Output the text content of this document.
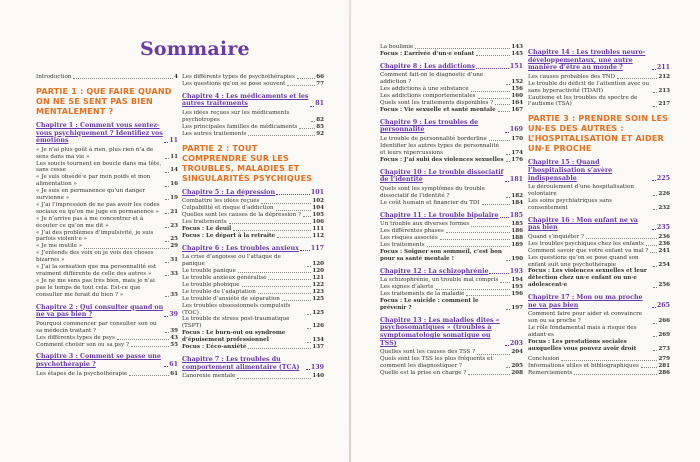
Sommaire
Introduction	4
PARTIE 1 : QUE FAIRE QUAND ON NE SE SENT PAS BIEN MENTALEMENT ?
Chapitre 1 : Comment vous sentez-vous psychiquement ? Identifiez vos émotions	11
« Je n’ai plus goût à rien, plus rien n’a de sens dans ma vie »	11
Les soucis tournent en boucle dans ma tête, sans cesse	14
« Je suis obsédé·e par mon poids et mon alimentation »	16
« Je suis en permanence qu’un danger survienne »	19
« J’ai l’impression de ne pas avoir les codes sociaux ou qu’on me juge en permanence »	21
« Je n’arrive pas à me concentrer et à écouter ce qu’on me dit »	23
« J’ai des problèmes d’impulsivité, je suis parfois violent·e »	25
« Je me mutile »	29
« J’entends des voix ou je vois des choses bizarres »	31
« J’ai la sensation que ma personnalité est vraiment différente de celle des autres »	33
« Je ne me sens pas très bien, mais je n’ai pas le temps de tout cela. Est-ce que consulter me ferait du bien ? »	35
Chapitre 2 : Qui consulter quand on ne va pas bien ?	39
Pourquoi commencer par consulter son ou sa médecin traitant ?	39
Les différents types de psys	43
Comment choisir son ou sa psy ?	55
Chapitre 3 : Comment se passe une psychothérapie ?	61
Les étapes de la psychothérapie	61
Les différents types de psychothérapies	66
Les questions qu’on se pose souvent	77
Chapitre 4 : Les médicaments et les autres traitements	81
Les idées reçues sur les médicaments psychotropes	82
Les principales familles de médicaments	85
Les autres traitements	92
PARTIE 2 : TOUT COMPRENDRE SUR LES TROUBLES, MALADIES ET SINGULARITÉS PSYCHIQUES
Chapitre 5 : La dépression	101
Combattre les idées reçues	102
Culpabilité et risque d’addiction	104
Quelles sont les causes de la dépression ? 105
Les traitements	106
Focus : Le deuil	111
Focus : Le départ à la retraite	112
Chapitre 6 : Les troubles anxieux 117
La crise d’angoisse ou l’attaque de panique	120
Le trouble panique	120
Le trouble anxieux généralisé	121
Le trouble phobique	122
Le trouble de l’adaptation	123
Le trouble d’anxiété de séparation	125
Les troubles obsessionnels compulsifs (TOC)	125
Le trouble de stress post-traumatique (TSPT)	126
Focus : Le burn-out ou syndrome d’épuisement professionnel	134
Focus : L’éco-anxiété	137
Chapitre 7 : Les troubles du comportement alimentaire (TCA)	139
L’anorexie mentale	140
La boulimie	143
Focus : L’arrivée d’un·e enfant	145
Chapitre 8 : Les addictions	151
Comment fait-on le diagnostic d’une addiction ?	152
Les addictions à une substance	156
Les addictions comportementales	160
Quels sont les traitements disponibles ?	164
Focus : Vie sexuelle et santé mentale	167
Chapitre 9 : Les troubles de personnalité	169
Le trouble de personnalité borderline	170
Identifier les autres types de personnalité et leurs répercussions	174
Focus : J’ai subi des violences sexuelles 176
Chapitre 10 : Le trouble dissociatif de l’identité	181
Quels sont les symptômes du trouble dissociatif de l’identité ?	182
Le coût humain et financier du TDI	184
Chapitre 11 : Le trouble bipolaire 185
Un trouble aux diverses formes	185
Les différentes phases	186
Les risques associés	188
Les traitements	189
Focus : Soigner son sommeil, c’est bon pour sa santé mentale !	190
Chapitre 12 : La schizophrénie	193
La schizophrénie, un trouble mal compris 194
Les signes d’alerte	195
Les traitements de la maladie	196
Focus : Le suicide : comment le prévenir ?	197
Chapitre 13 : Les maladies dites « psychosomatiques » (troubles à symptomatologie somatique ou TSS)	203
Quelles sont les causes des TSS ?	204
Quels sont les TSS les plus fréquents et comment les diagnostiquer ?	205
Quelle est la prise en charge ?	208
Chapitre 14 : Les troubles neuro-développementaux, une autre manière d’être au monde ?	211
Les causes probables des TND	212
Le trouble du déficit de l’attention avec ou sans hyperactivité (TDAH)	213
L’autisme et les troubles du spectre de l’autisme (TSA)	217
PARTIE 3 : PRENDRE SOIN LES UN·ES DES AUTRES : L’HOSPITALISATION ET AIDER UN·E PROCHE
Chapitre 15 : Quand l’hospitalisation s’avère indispensable	225
Le déroulement d’une hospitalisation volontaire	226
Les soins psychiatriques sans consentement	232
Chapitre 16 : Mon enfant ne va pas bien	235
Quand s’inquiéter ?	236
Les troubles psychiques chez les enfants	236
Comment savoir que votre enfant va mal ? 241
Les questions qu’on se pose quand son enfant suit une psychothérapie	254
Focus : Les violences sexuelles et leur détection chez un·e enfant ou un·e adolescent·e	256
Chapitre 17 : Mon ou ma proche ne va pas bien	265
Comment faire pour aider et convaincre son ou sa proche ?	266
Le rôle fondamental mais à risque des aidant·es	269
Focus : Les prestations sociales auxquelles vous pouvez avoir droit	273
Conclusion	279
Informations utiles et bibliographiques	281
Remerciements	286
